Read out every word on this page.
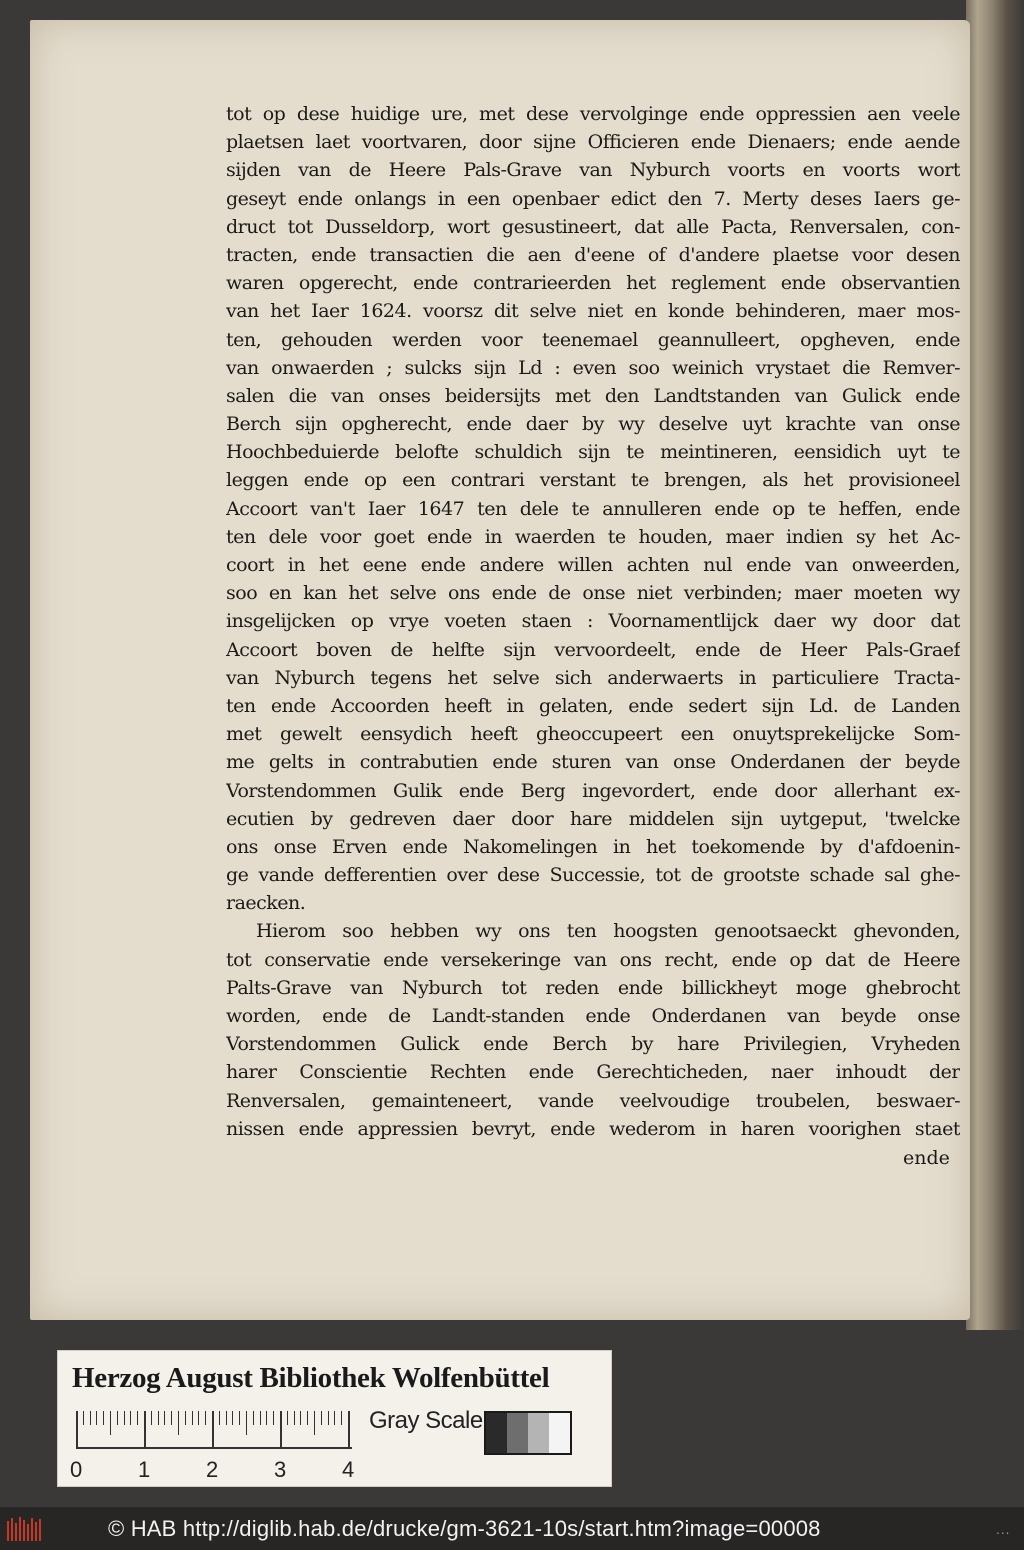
tot op dese huidige ure, met dese vervolginge ende oppressien aen veele
plaetsen laet voortvaren, door sijne Officieren ende Dienaers; ende aende
sijden van de Heere Pals-Grave van Nyburch voorts en voorts wort
geseyt ende onlangs in een openbaer edict den 7. Merty deses Iaers ge-
druct tot Dusseldorp, wort gesustineert, dat alle Pacta, Renversalen, con-
tracten, ende transactien die aen d'eene of d'andere plaetse voor desen
waren opgerecht, ende contrarieerden het reglement ende observantien
van het Iaer 1624. voorsz dit selve niet en konde behinderen, maer mos-
ten, gehouden werden voor teenemael geannulleert, opgheven, ende
van onwaerden ; sulcks sijn Ld : even soo weinich vrystaet die Remver-
salen die van onses beidersijts met den Landtstanden van Gulick ende
Berch sijn opgherecht, ende daer by wy deselve uyt krachte van onse
Hoochbeduierde belofte schuldich sijn te meintineren, eensidich uyt te
leggen ende op een contrari verstant te brengen, als het provisioneel
Accoort van't Iaer 1647 ten dele te annulleren ende op te heffen, ende
ten dele voor goet ende in waerden te houden, maer indien sy het Ac-
coort in het eene ende andere willen achten nul ende van onweerden,
soo en kan het selve ons ende de onse niet verbinden; maer moeten wy
insgelijcken op vrye voeten staen : Voornamentlijck daer wy door dat
Accoort boven de helfte sijn vervoordeelt, ende de Heer Pals-Graef
van Nyburch tegens het selve sich anderwaerts in particuliere Tracta-
ten ende Accoorden heeft in gelaten, ende sedert sijn Ld. de Landen
met gewelt eensydich heeft gheoccupeert een onuytsprekelijcke Som-
me gelts in contrabutien ende sturen van onse Onderdanen der beyde
Vorstendommen Gulik ende Berg ingevordert, ende door allerhant ex-
ecutien by gedreven daer door hare middelen sijn uytgeput, 'twelcke
ons onse Erven ende Nakomelingen in het toekomende by d'afdoenin-
ge vande defferentien over dese Successie, tot de grootste schade sal ghe-
raecken.
Hierom soo hebben wy ons ten hoogsten genootsaeckt ghevonden,
tot conservatie ende versekeringe van ons recht, ende op dat de Heere
Palts-Grave van Nyburch tot reden ende billickheyt moge ghebrocht
worden, ende de Landt-standen ende Onderdanen van beyde onse
Vorstendommen Gulick ende Berch by hare Privilegien, Vryheden
harer Conscientie Rechten ende Gerechticheden, naer inhoudt der
Renversalen, gemainteneert, vande veelvoudige troubelen, beswaer-
nissen ende appressien bevryt, ende wederom in haren voorighen staet
ende
Herzog August Bibliothek Wolfenbüttel
0	1	2	3	4
Gray Scale
© HAB http://diglib.hab.de/drucke/gm-3621-10s/start.htm?image=00008	...
